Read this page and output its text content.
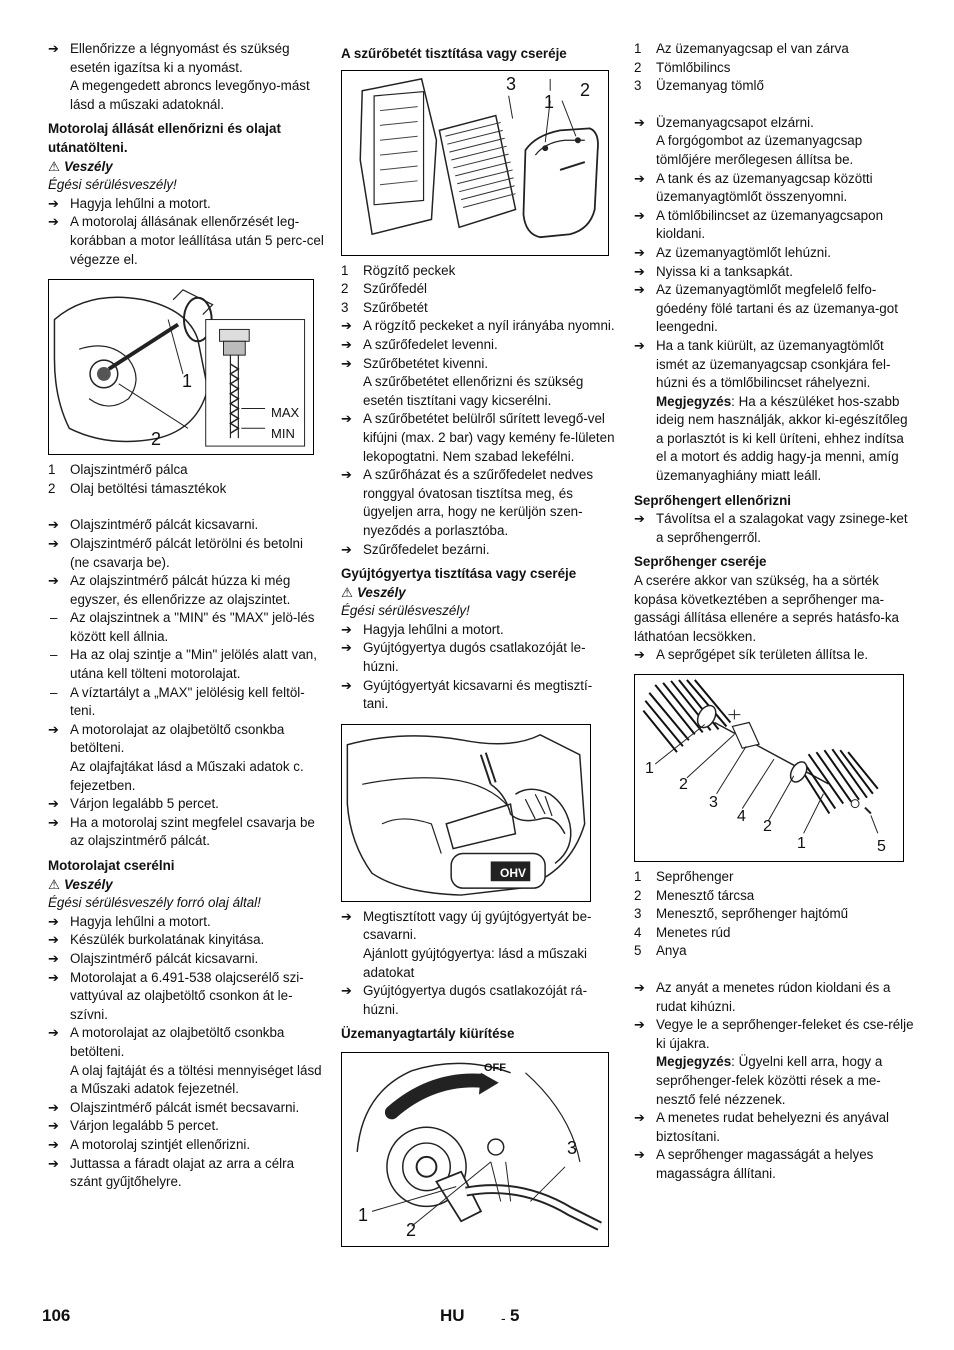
➔ Ellenőrizze a légnyomást és szükség esetén igazítsa ki a nyomást.
A megengedett abroncs levegőnyo-mást lásd a műszaki adatoknál.
Motorolaj állását ellenőrizni és olajat utánatölteni.
⚠ Veszély
Égési sérülésveszély!
➔ Hagyja lehűlni a motort.
➔ A motorolaj állásának ellenőrzését leg-korábban a motor leállítása után 5 perc-cel végezze el.
1
2
MAX
MIN
1 Olajszintmérő pálca
2 Olaj betöltési támasztékok
➔ Olajszintmérő pálcát kicsavarni.
➔ Olajszintmérő pálcát letörölni és betolni (ne csavarja be).
➔ Az olajszintmérő pálcát húzza ki még egyszer, és ellenőrizze az olajszintet.
– Az olajszintnek a "MIN" és "MAX" jelö-lés között kell állnia.
– Ha az olaj szintje a "Min" jelölés alatt van, utána kell tölteni motorolajat.
– A víztartályt a „MAX" jelölésig kell feltöl-teni.
➔ A motorolajat az olajbetöltő csonkba betölteni.
Az olajfajtákat lásd a Műszaki adatok c. fejezetben.
➔ Várjon legalább 5 percet.
➔ Ha a motorolaj szint megfelel csavarja be az olajszintmérő pálcát.
Motorolajat cserélni
⚠ Veszély
Égési sérülésveszély forró olaj által!
➔ Hagyja lehűlni a motort.
➔ Készülék burkolatának kinyitása.
➔ Olajszintmérő pálcát kicsavarni.
➔ Motorolajat a 6.491-538 olajcserélő szi-vattyúval az olajbetöltő csonkon át le-szívni.
➔ A motorolajat az olajbetöltő csonkba betölteni.
A olaj fajtáját és a töltési mennyiséget lásd a Műszaki adatok fejezetnél.
➔ Olajszintmérő pálcát ismét becsavarni.
➔ Várjon legalább 5 percet.
➔ A motorolaj szintjét ellenőrizni.
➔ Juttassa a fáradt olajat az arra a célra szánt gyűjtőhelyre.
A szűrőbetét tisztítása vagy cseréje
3
1
2
1 Rögzítő peckek
2 Szűrőfedél
3 Szűrőbetét
➔ A rögzítő peckeket a nyíl irányába nyomni.
➔ A szűrőfedelet levenni.
➔ Szűrőbetétet kivenni.
A szűrőbetétet ellenőrizni és szükség esetén tisztítani vagy kicserélni.
➔ A szűrőbetétet belülről sűrített levegő-vel kifújni (max. 2 bar) vagy kemény fe-lületen lekopogtatni. Nem szabad lekefélni.
➔ A szűrőházat és a szűrőfedelet nedves ronggyal óvatosan tisztítsa meg, és ügyeljen arra, hogy ne kerüljön szen-nyeződés a porlasztóba.
➔ Szűrőfedelet bezárni.
Gyújtógyertya tisztítása vagy cseréje
⚠ Veszély
Égési sérülésveszély!
➔ Hagyja lehűlni a motort.
➔ Gyújtógyertya dugós csatlakozóját le-húzni.
➔ Gyújtógyertyát kicsavarni és megtisztí-tani.
OHV
➔ Megtisztított vagy új gyújtógyertyát be-csavarni.
Ajánlott gyújtógyertya: lásd a műszaki adatokat
➔ Gyújtógyertya dugós csatlakozóját rá-húzni.
Üzemanyagtartály kiürítése
OFF
3
1
2
1 Az üzemanyagcsap el van zárva
2 Tömlőbilincs
3 Üzemanyag tömlő
➔ Üzemanyagcsapot elzárni.
A forgógombot az üzemanyagcsap tömlőjére merőlegesen állítsa be.
➔ A tank és az üzemanyagcsap közötti üzemanyagtömlőt összenyomni.
➔ A tömlőbilincset az üzemanyagcsapon kioldani.
➔ Az üzemanyagtömlőt lehúzni.
➔ Nyissa ki a tanksapkát.
➔ Az üzemanyagtömlőt megfelelő felfo-góedény fölé tartani és az üzemanya-got leengedni.
➔ Ha a tank kiürült, az üzemanyagtömlőt ismét az üzemanyagcsap csonkjára fel-húzni és a tömlőbilincset ráhelyezni.
Megjegyzés: Ha a készüléket hos-szabb ideig nem használják, akkor ki-egészítőleg a porlasztót is ki kell üríteni, ehhez indítsa el a motort és addig hagy-ja menni, amíg üzemanyaghiány miatt leáll.
Seprőhengert ellenőrizni
➔ Távolítsa el a szalagokat vagy zsinege-ket a seprőhengerről.
Seprőhenger cseréje
A cserére akkor van szükség, ha a sörték kopása következtében a seprőhenger ma-gassági állítása ellenére a seprés hatásfo-ka láthatóan lecsökken.
➔ A seprőgépet sík területen állítsa le.
1
2
3
4
2
1	5
1 Seprőhenger
2 Menesztő tárcsa
3 Menesztő, seprőhenger hajtómű
4 Menetes rúd
5 Anya
➔ Az anyát a menetes rúdon kioldani és a rudat kihúzni.
➔ Vegye le a seprőhenger-feleket és cse-rélje ki újakra.
Megjegyzés: Ügyelni kell arra, hogy a seprőhenger-felek közötti rések a me-nesztő felé nézzenek.
➔ A menetes rudat behelyezni és anyával biztosítani.
➔ A seprőhenger magasságát a helyes magasságra állítani.
106	HU	- 5
